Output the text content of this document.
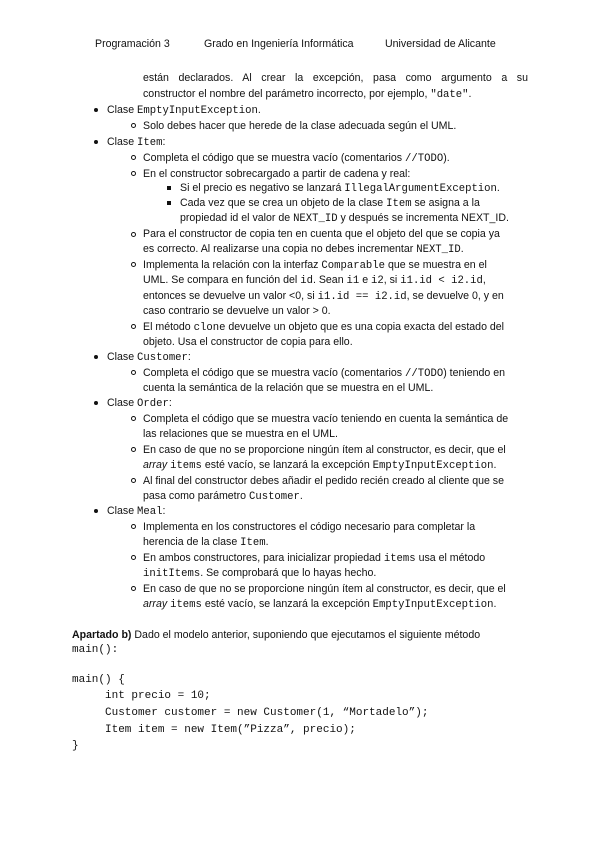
Programación 3	Grado en Ingeniería Informática	Universidad de Alicante
están declarados. Al crear la excepción, pasa como argumento a su
constructor el nombre del parámetro incorrecto, por ejemplo, "date".
Clase EmptyInputException.
Solo debes hacer que herede de la clase adecuada según el UML.
Clase Item:
Completa el código que se muestra vacío (comentarios //TODO).
En el constructor sobrecargado a partir de cadena y real:
Si el precio es negativo se lanzará IllegalArgumentException.
Cada vez que se crea un objeto de la clase Item se asigna a la
propiedad id el valor de NEXT_ID y después se incrementa NEXT_ID.
Para el constructor de copia ten en cuenta que el objeto del que se copia ya
es correcto. Al realizarse una copia no debes incrementar NEXT_ID.
Implementa la relación con la interfaz Comparable que se muestra en el
UML. Se compara en función del id. Sean i1 e i2, si i1.id < i2.id,
entonces se devuelve un valor <0, si i1.id == i2.id, se devuelve 0, y en
caso contrario se devuelve un valor > 0.
El método clone devuelve un objeto que es una copia exacta del estado del
objeto. Usa el constructor de copia para ello.
Clase Customer:
Completa el código que se muestra vacío (comentarios //TODO) teniendo en
cuenta la semántica de la relación que se muestra en el UML.
Clase Order:
Completa el código que se muestra vacío teniendo en cuenta la semántica de
las relaciones que se muestra en el UML.
En caso de que no se proporcione ningún ítem al constructor, es decir, que el
array items esté vacío, se lanzará la excepción EmptyInputException.
Al final del constructor debes añadir el pedido recién creado al cliente que se
pasa como parámetro Customer.
Clase Meal:
Implementa en los constructores el código necesario para completar la
herencia de la clase Item.
En ambos constructores, para inicializar propiedad items usa el método
initItems. Se comprobará que lo hayas hecho.
En caso de que no se proporcione ningún ítem al constructor, es decir, que el
array items esté vacío, se lanzará la excepción EmptyInputException.
Apartado b) Dado el modelo anterior, suponiendo que ejecutamos el siguiente método
main():
main() {
int precio = 10;
Customer customer = new Customer(1, “Mortadelo”);
Item item = new Item(”Pizza”, precio);
}
